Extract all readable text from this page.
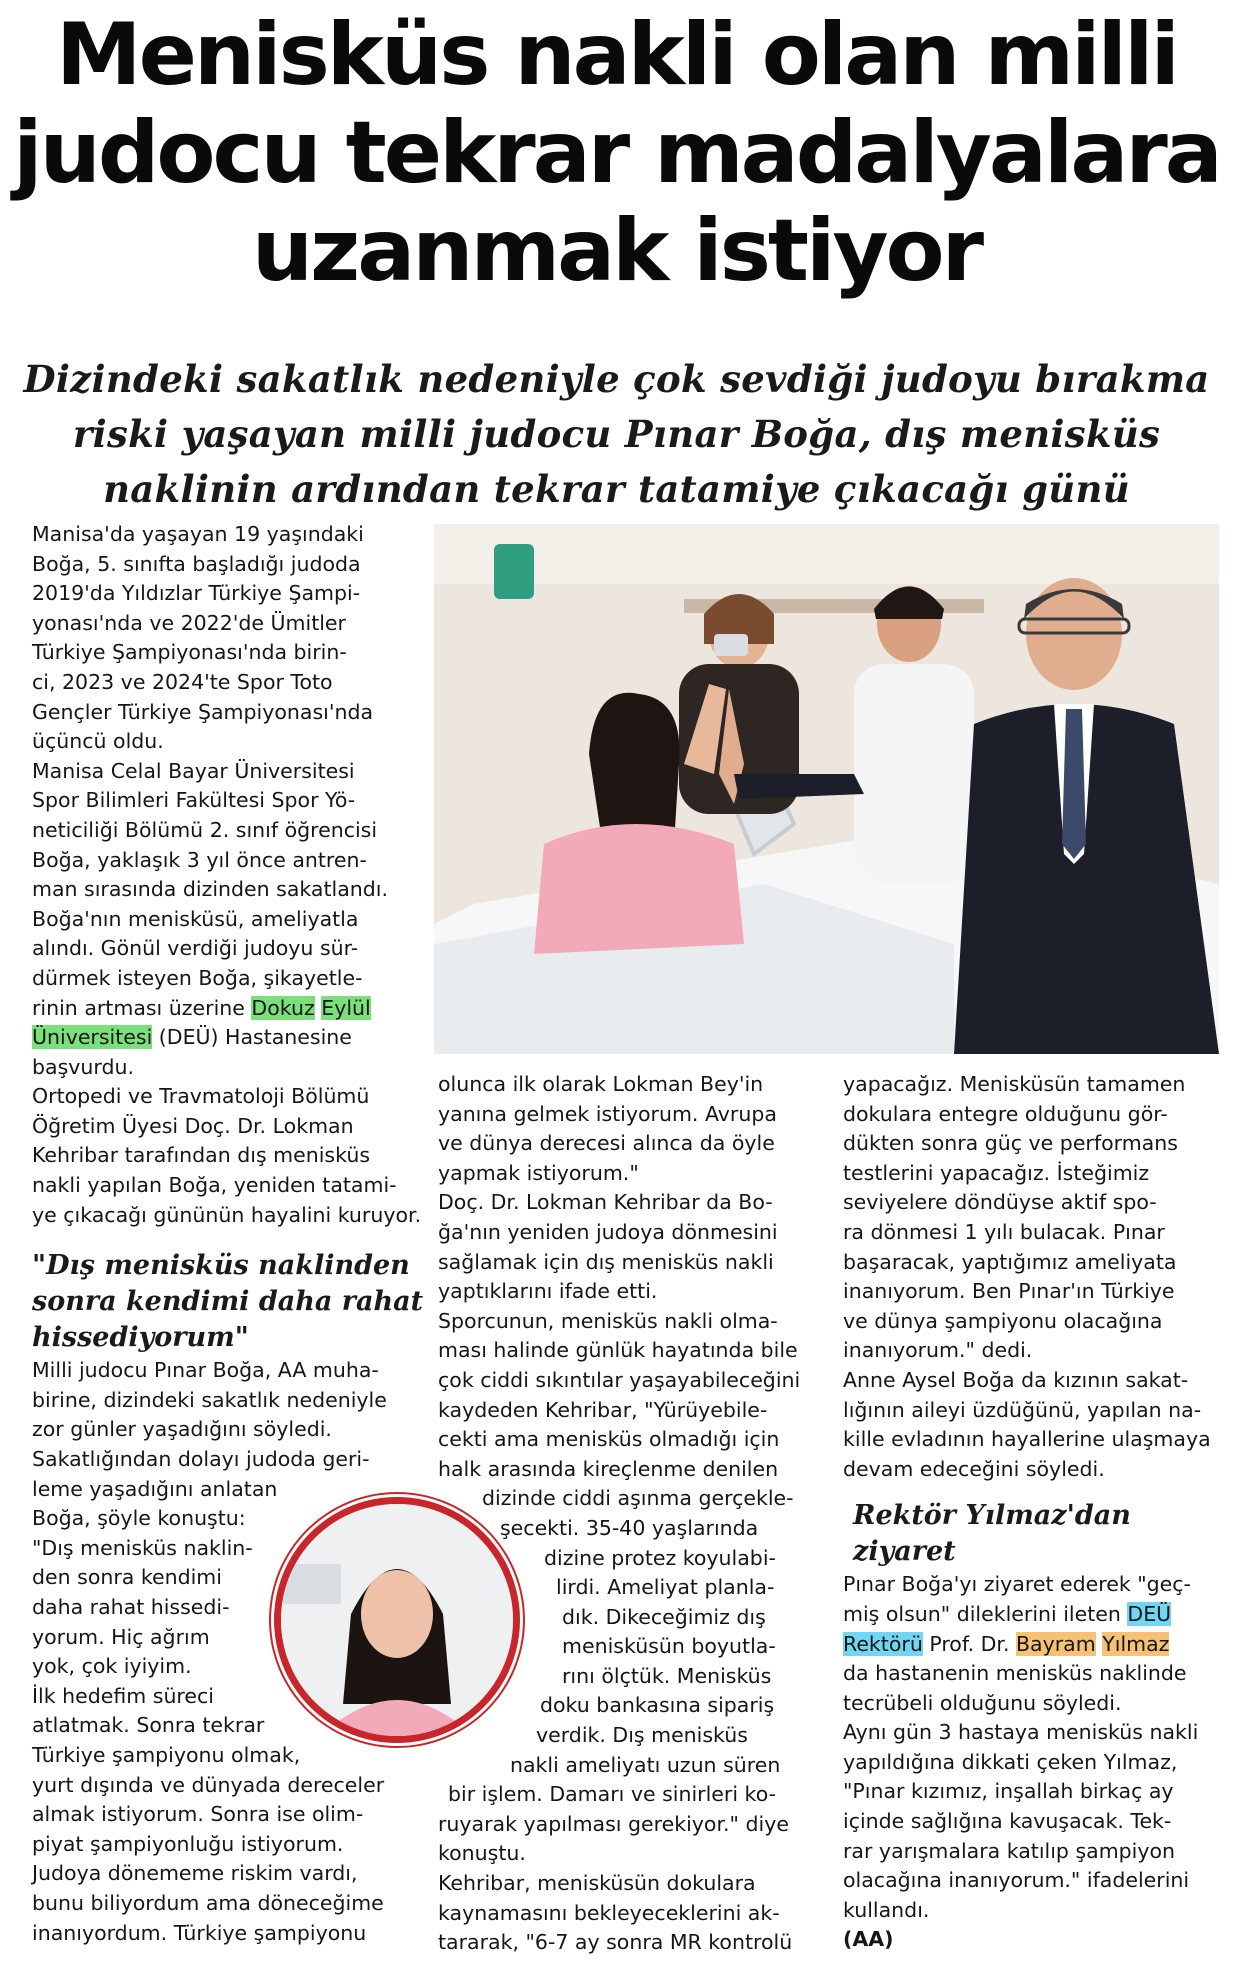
Menisküs nakli olan milli
judocu tekrar madalyalara
uzanmak istiyor
Dizindeki sakatlık nedeniyle çok sevdiği judoyu bırakma
riski yaşayan milli judocu Pınar Boğa, dış menisküs
naklinin ardından tekrar tatamiye çıkacağı günü
Manisa'da yaşayan 19 yaşındaki
Boğa, 5. sınıfta başladığı judoda
2019'da Yıldızlar Türkiye Şampi-
yonası'nda ve 2022'de Ümitler
Türkiye Şampiyonası'nda birin-
ci, 2023 ve 2024'te Spor Toto
Gençler Türkiye Şampiyonası'nda
üçüncü oldu.
Manisa Celal Bayar Üniversitesi
Spor Bilimleri Fakültesi Spor Yö-
neticiliği Bölümü 2. sınıf öğrencisi
Boğa, yaklaşık 3 yıl önce antren-
man sırasında dizinden sakatlandı.
Boğa'nın menisküsü, ameliyatla
alındı. Gönül verdiği judoyu sür-
dürmek isteyen Boğa, şikayetle-
rinin artması üzerine Dokuz Eylül
Üniversitesi (DEÜ) Hastanesine
başvurdu.
Ortopedi ve Travmatoloji Bölümü
Öğretim Üyesi Doç. Dr. Lokman
Kehribar tarafından dış menisküs
nakli yapılan Boğa, yeniden tatami-
ye çıkacağı gününün hayalini kuruyor.
"Dış menisküs naklinden
sonra kendimi daha rahat
hissediyorum"
Milli judocu Pınar Boğa, AA muha-
birine, dizindeki sakatlık nedeniyle
zor günler yaşadığını söyledi.
Sakatlığından dolayı judoda geri-
leme yaşadığını anlatan
Boğa, şöyle konuştu:
"Dış menisküs naklin-
den sonra kendimi
daha rahat hissedi-
yorum. Hiç ağrım
yok, çok iyiyim.
İlk hedefim süreci
atlatmak. Sonra tekrar
Türkiye şampiyonu olmak,
yurt dışında ve dünyada dereceler
almak istiyorum. Sonra ise olim-
piyat şampiyonluğu istiyorum.
Judoya dönememe riskim vardı,
bunu biliyordum ama döneceğime
inanıyordum. Türkiye şampiyonu
olunca ilk olarak Lokman Bey'in
yanına gelmek istiyorum. Avrupa
ve dünya derecesi alınca da öyle
yapmak istiyorum."
Doç. Dr. Lokman Kehribar da Bo-
ğa'nın yeniden judoya dönmesini
sağlamak için dış menisküs nakli
yaptıklarını ifade etti.
Sporcunun, menisküs nakli olma-
ması halinde günlük hayatında bile
çok ciddi sıkıntılar yaşayabileceğini
kaydeden Kehribar, "Yürüyebile-
cekti ama menisküs olmadığı için
halk arasında kireçlenme denilen
dizinde ciddi aşınma gerçekle-
şecekti. 35-40 yaşlarında
dizine protez koyulabi-
lirdi. Ameliyat planla-
dık. Dikeceğimiz dış
menisküsün boyutla-
rını ölçtük. Menisküs
doku bankasına sipariş
verdik. Dış menisküs
nakli ameliyatı uzun süren
bir işlem. Damarı ve sinirleri ko-
ruyarak yapılması gerekiyor." diye
konuştu.
Kehribar, menisküsün dokulara
kaynamasını bekleyeceklerini ak-
tararak, "6-7 ay sonra MR kontrolü
yapacağız. Menisküsün tamamen
dokulara entegre olduğunu gör-
dükten sonra güç ve performans
testlerini yapacağız. İsteğimiz
seviyelere döndüyse aktif spo-
ra dönmesi 1 yılı bulacak. Pınar
başaracak, yaptığımız ameliyata
inanıyorum. Ben Pınar'ın Türkiye
ve dünya şampiyonu olacağına
inanıyorum." dedi.
Anne Aysel Boğa da kızının sakat-
lığının aileyi üzdüğünü, yapılan na-
kille evladının hayallerine ulaşmaya
devam edeceğini söyledi.
Rektör Yılmaz'dan
ziyaret
Pınar Boğa'yı ziyaret ederek "geç-
miş olsun" dileklerini ileten DEÜ
Rektörü Prof. Dr. Bayram Yılmaz
da hastanenin menisküs naklinde
tecrübeli olduğunu söyledi.
Aynı gün 3 hastaya menisküs nakli
yapıldığına dikkati çeken Yılmaz,
"Pınar kızımız, inşallah birkaç ay
içinde sağlığına kavuşacak. Tek-
rar yarışmalara katılıp şampiyon
olacağına inanıyorum." ifadelerini
kullandı.
(AA)
